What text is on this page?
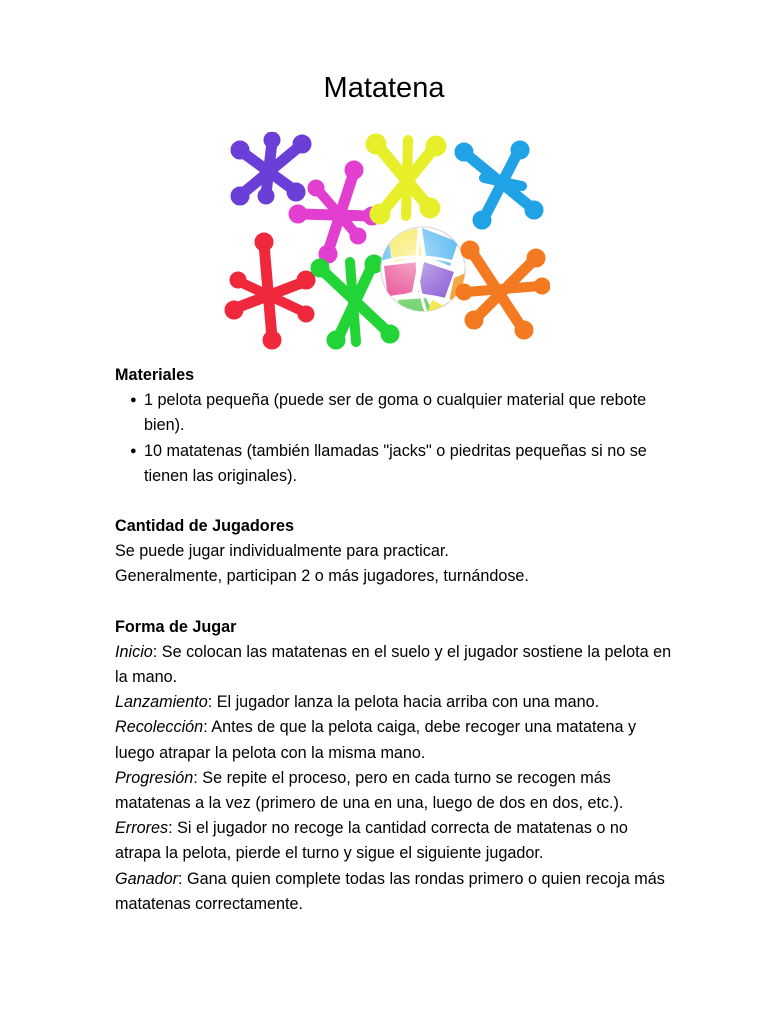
Matatena

Materiales

● 1 pelota pequeña (puede ser de goma o cualquier material que rebote bien).
● 10 matatenas (también llamadas "jacks" o piedritas pequeñas si no se tienen las originales).

Cantidad de Jugadores

Se puede jugar individualmente para practicar.

Generalmente, participan 2 o más jugadores, turnándose.

Forma de Jugar

Inicio: Se colocan las matatenas en el suelo y el jugador sostiene la pelota en la mano.

Lanzamiento: El jugador lanza la pelota hacia arriba con una mano.

Recolección: Antes de que la pelota caiga, debe recoger una matatena y luego atrapar la pelota con la misma mano.

Progresión: Se repite el proceso, pero en cada turno se recogen más matatenas a la vez (primero de una en una, luego de dos en dos, etc.).

Errores: Si el jugador no recoge la cantidad correcta de matatenas o no atrapa la pelota, pierde el turno y sigue el siguiente jugador.

Ganador: Gana quien complete todas las rondas primero o quien recoja más matatenas correctamente.
